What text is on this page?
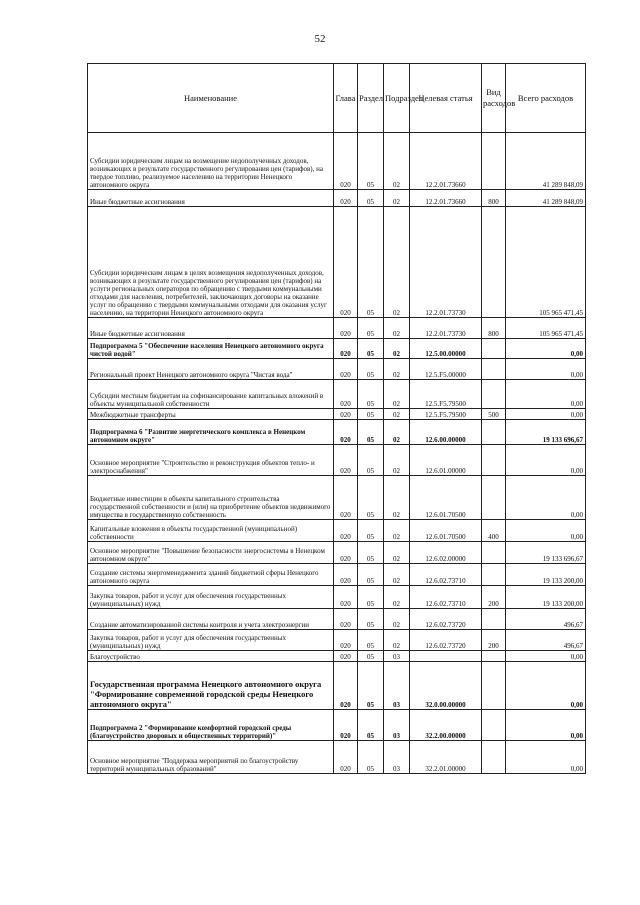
52
Наименование	Глава	Раздел	Подраздел	Целевая статья	Вид расходов	Всего расходов
Субсидии юридическим лицам на возмещение недополученных доходов, возникающих в результате государственного регулирования цен (тарифов), на твердое топливо, реализуемое населению на территории Ненецкого автономного округа	020	05	02	12.2.01.73660		41 289 848,09
Иные бюджетные ассигнования	020	05	02	12.2.01.73660	800	41 289 848,09
Субсидии юридическим лицам в целях возмещения недополученных доходов, возникающих в результате государственного регулирования цен (тарифов) на услуги региональных операторов по обращению с твердыми коммунальными отходами для населения, потребителей, заключающих договоры на оказание услуг по обращению с твердыми коммунальными отходами для оказания услуг населению, на территории Ненецкого автономного округа	020	05	02	12.2.01.73730		105 965 471,45
Иные бюджетные ассигнования	020	05	02	12.2.01.73730	800	105 965 471,45
Подпрограмма 5 "Обеспечение населения Ненецкого автономного округа чистой водой"	020	05	02	12.5.00.00000		0,00
Региональный проект Ненецкого автономного округа "Чистая вода"	020	05	02	12.5.F5.00000		0,00
Субсидии местным бюджетам на софинансирование капитальных вложений в объекты муниципальной собственности	020	05	02	12.5.F5.79500		0,00
Межбюджетные трансферты	020	05	02	12.5.F5.79500	500	0,00
Подпрограмма 6 "Развитие энергетического комплекса в Ненецком автономном округе"	020	05	02	12.6.00.00000		19 133 696,67
Основное мероприятие "Строительство и реконструкция объектов тепло- и электроснабжения"	020	05	02	12.6.01.00000		0,00
Бюджетные инвестиции в объекты капитального строительства государственной собственности и (или) на приобретение объектов недвижимого имущества в государственную собственность	020	05	02	12.6.01.70500		0,00
Капитальные вложения в объекты государственной (муниципальной) собственности	020	05	02	12.6.01.70500	400	0,00
Основное мероприятие "Повышение безопасности энергосистемы в Ненецком автономном округе"	020	05	02	12.6.02.00000		19 133 696,67
Создание системы энергоменеджмента зданий бюджетной сферы Ненецкого автономного округа	020	05	02	12.6.02.73710		19 133 200,00
Закупка товаров, работ и услуг для обеспечения государственных (муниципальных) нужд	020	05	02	12.6.02.73710	200	19 133 200,00
Создание автоматизированной системы контроля и учета электроэнергии	020	05	02	12.6.02.73720		496,67
Закупка товаров, работ и услуг для обеспечения государственных (муниципальных) нужд	020	05	02	12.6.02.73720	200	496,67
Благоустройство	020	05	03			0,00
Государственная программа Ненецкого автономного округа "Формирование современной городской среды Ненецкого автономного округа"	020	05	03	32.0.00.00000		0,00
Подпрограмма 2 "Формирование комфортной городской среды (благоустройство дворовых и общественных территорий)"	020	05	03	32.2.00.00000		0,00
Основное мероприятие "Поддержка мероприятий по благоустройству территорий муниципальных образований"	020	05	03	32.2.01.00000		0,00
